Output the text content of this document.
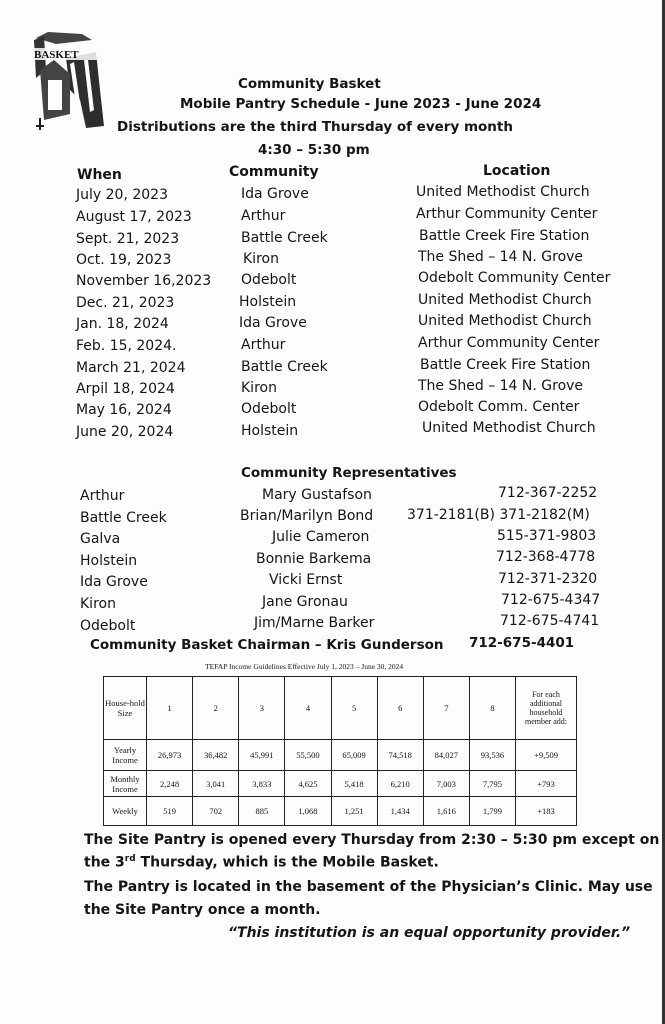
BASKET
Community Basket
Mobile Pantry Schedule - June 2023 - June 2024
Distributions are the third Thursday of every month
4:30 – 5:30 pm
When	Community	Location
July 20, 2023	Ida Grove	United Methodist Church
August 17, 2023	Arthur	Arthur Community Center
Sept. 21, 2023	Battle Creek	Battle Creek Fire Station
Oct. 19, 2023	Kiron	The Shed – 14 N. Grove
November 16,2023 Odebolt	Odebolt Community Center
Dec. 21, 2023	Holstein	United Methodist Church
Jan. 18, 2024	Ida Grove	United Methodist Church
Feb. 15, 2024.	Arthur	Arthur Community Center
March 21, 2024	Battle Creek	Battle Creek Fire Station
Arpil 18, 2024	Kiron	The Shed – 14 N. Grove
May 16, 2024	Odebolt	Odebolt Comm. Center
June 20, 2024	Holstein	United Methodist Church
Community Representatives
Arthur	Mary Gustafson	712-367-2252
Battle Creek	Brian/Marilyn Bond 371-2181(B) 371-2182(M)
Galva	Julie Cameron	515-371-9803
Holstein	Bonnie Barkema	712-368-4778
Ida Grove	Vicki Ernst	712-371-2320
Kiron	Jane Gronau	712-675-4347
Odebolt	Jim/Marne Barker	712-675-4741
Community Basket Chairman – Kris Gunderson 712-675-4401
TEFAP Income Guidelines Effective July 1, 2023 – June 30, 2024
House-hold Size	1	2	3	4	5	6	7	8	For each additional household member add:
Yearly Income	26,973	36,482	45,991	55,500	65,009	74,518	84,027	93,536	+9,509
Monthly Income	2,248	3,041	3,833	4,625	5,418	6,210	7,003	7,795	+793
Weekly	519	702	885	1,068	1,251	1,434	1,616	1,799	+183
The Site Pantry is opened every Thursday from 2:30 – 5:30 pm except on
the 3rd Thursday, which is the Mobile Basket.
The Pantry is located in the basement of the Physician’s Clinic. May use
the Site Pantry once a month.
“This institution is an equal opportunity provider.”
